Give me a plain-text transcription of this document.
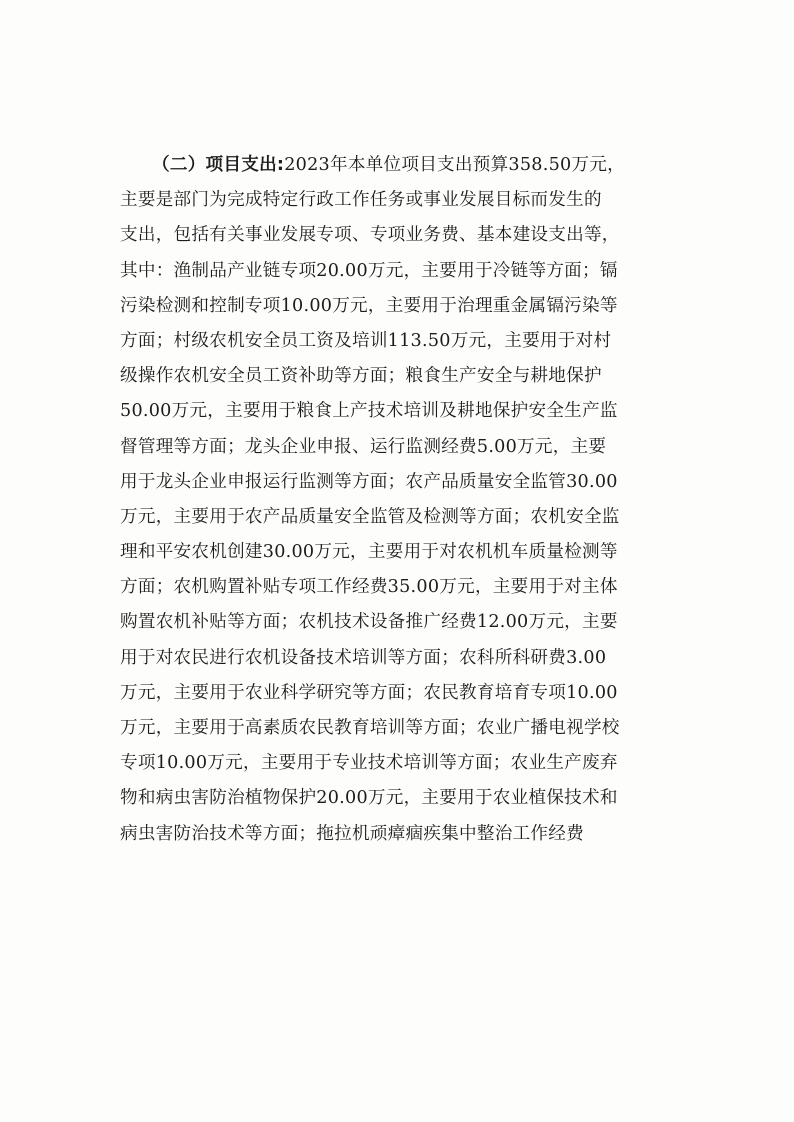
（二）项目支出:2023年本单位项目支出预算358.50万元，
主要是部门为完成特定行政工作任务或事业发展目标而发生的
支出，包括有关事业发展专项、专项业务费、基本建设支出等，
其中：渔制品产业链专项20.00万元，主要用于冷链等方面；镉
污染检测和控制专项10.00万元，主要用于治理重金属镉污染等
方面；村级农机安全员工资及培训113.50万元，主要用于对村
级操作农机安全员工资补助等方面；粮食生产安全与耕地保护
50.00万元，主要用于粮食上产技术培训及耕地保护安全生产监
督管理等方面；龙头企业申报、运行监测经费5.00万元，主要
用于龙头企业申报运行监测等方面；农产品质量安全监管30.00
万元，主要用于农产品质量安全监管及检测等方面；农机安全监
理和平安农机创建30.00万元，主要用于对农机机车质量检测等
方面；农机购置补贴专项工作经费35.00万元，主要用于对主体
购置农机补贴等方面；农机技术设备推广经费12.00万元，主要
用于对农民进行农机设备技术培训等方面；农科所科研费3.00
万元，主要用于农业科学研究等方面；农民教育培育专项10.00
万元，主要用于高素质农民教育培训等方面；农业广播电视学校
专项10.00万元，主要用于专业技术培训等方面；农业生产废弃
物和病虫害防治植物保护20.00万元，主要用于农业植保技术和
病虫害防治技术等方面；拖拉机顽瘴痼疾集中整治工作经费
